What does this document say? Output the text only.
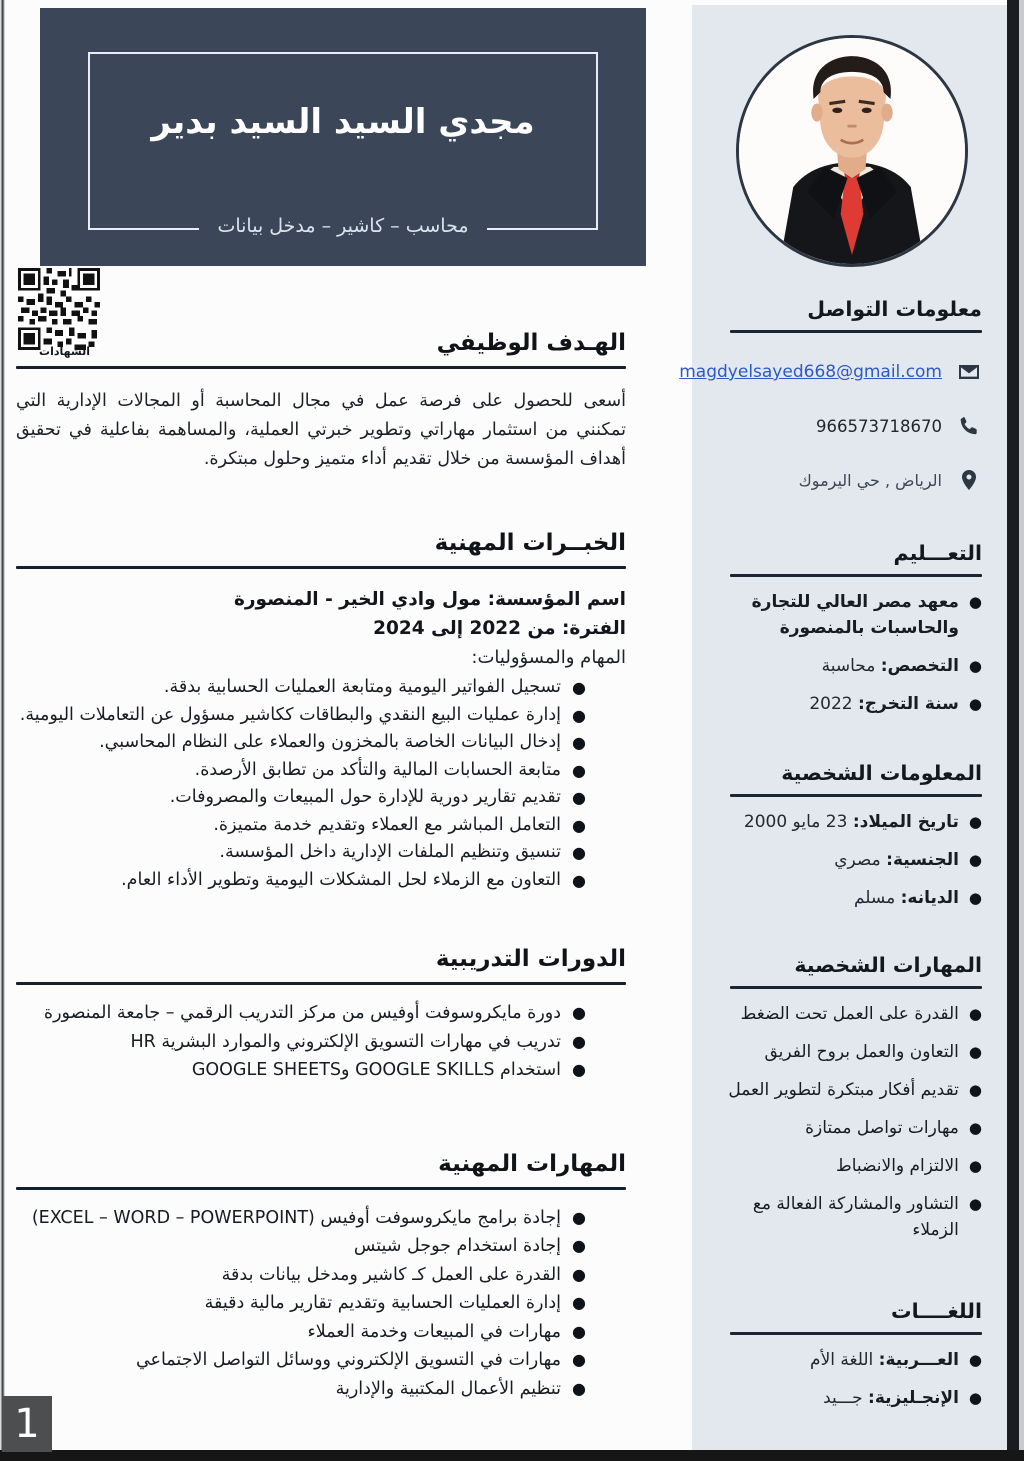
مجدي السيد السيد بدير
محاسب – كاشير – مدخل بيانات
الشهادات	الهـدف الوظيفي
أسعى للحصول على فرصة عمل في مجال المحاسبة أو المجالات الإدارية التي تمكنني من استثمار مهاراتي وتطوير خبرتي العملية، والمساهمة بفاعلية في تحقيق أهداف المؤسسة من خلال تقديم أداء متميز وحلول مبتكرة.
الخبــرات المهنية
اسم المؤسسة: مول وادي الخير - المنصورة
الفترة: من 2022 إلى 2024
المهام والمسؤوليات:
●
تسجيل الفواتير اليومية ومتابعة العمليات الحسابية بدقة.
●
إدارة عمليات البيع النقدي والبطاقات ككاشير مسؤول عن التعاملات اليومية.
●
إدخال البيانات الخاصة بالمخزون والعملاء على النظام المحاسبي.
●
متابعة الحسابات المالية والتأكد من تطابق الأرصدة.
●
تقديم تقارير دورية للإدارة حول المبيعات والمصروفات.
●
التعامل المباشر مع العملاء وتقديم خدمة متميزة.
●
تنسيق وتنظيم الملفات الإدارية داخل المؤسسة.
●
التعاون مع الزملاء لحل المشكلات اليومية وتطوير الأداء العام.
الدورات التدريبية
●
دورة مايكروسوفت أوفيس من مركز التدريب الرقمي – جامعة المنصورة
●
تدريب في مهارات التسويق الإلكتروني والموارد البشرية HR
●
استخدام GOOGLE SKILLS وGOOGLE SHEETS
المهارات المهنية
●
إجادة برامج مايكروسوفت أوفيس (EXCEL – WORD – POWERPOINT)
●
إجادة استخدام جوجل شيتس
●
القدرة على العمل كـ كاشير ومدخل بيانات بدقة
●
إدارة العمليات الحسابية وتقديم تقارير مالية دقيقة
●
مهارات في المبيعات وخدمة العملاء
●
مهارات في التسويق الإلكتروني ووسائل التواصل الاجتماعي
●
تنظيم الأعمال المكتبية والإدارية
معلومات التواصل
magdyelsayed668@gmail.com
966573718670
الرياض , حي اليرموك
التعـــليم
●
معهد مصر العالي للتجارة والحاسبات بالمنصورة
●
التخصص: محاسبة
●
سنة التخرج: 2022
المعلومات الشخصية
●
تاريخ الميلاد: 23 مايو 2000
●
الجنسية: مصري
●
الديانه: مسلم
المهارات الشخصية
●
القدرة على العمل تحت الضغط
●
التعاون والعمل بروح الفريق
●
تقديم أفكار مبتكرة لتطوير العمل
●
مهارات تواصل ممتازة
●
الالتزام والانضباط
●
التشاور والمشاركة الفعالة مع الزملاء
اللغــــات
●
العـــربية: اللغة الأم
●
الإنجـليزية: جـــيد
1
